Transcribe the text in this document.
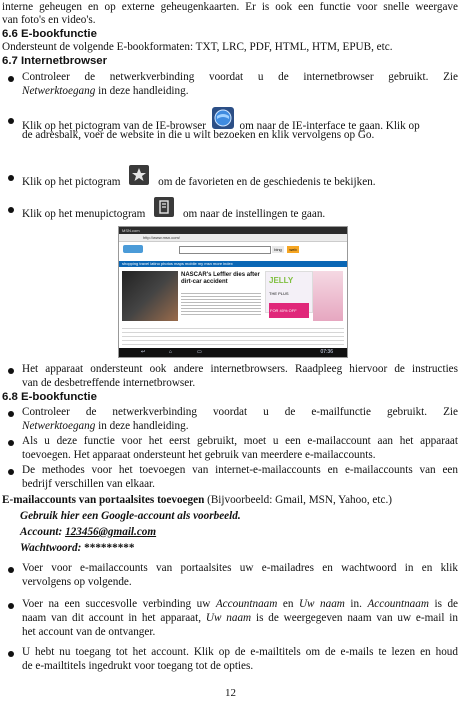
interne geheugen en op externe geheugenkaarten. Er is ook een functie voor snelle weergave
van foto's en video's.
6.6 E-bookfunctie
Ondersteunt de volgende E-bookformaten: TXT, LRC, PDF, HTML, HTM, EPUB, etc.
6.7 Internetbrowser
Controleer de netwerkverbinding voordat u de internetbrowser gebruikt. Zie
Netwerktoegang in deze handleiding.
Klik op het pictogram van de IE-browser	om naar de IE-interface te gaan. Klik op
de adresbalk, voer de website in die u wilt bezoeken en klik vervolgens op Go.
Klik op het pictogram	om de favorieten en de geschiedenis te bekijken.
Klik op het menupictogram	om naar de instellingen te gaan.
MSN.com
http://www.msn.com/
bing	web
shopping travel latino photos maps mobile my msn more index
NASCAR's Leffler dies after dirt-car accident	JELLY
THE PLUS
FOR 40% OFF
↩	⌂	▭	07:36
Het apparaat ondersteunt ook andere internetbrowsers. Raadpleeg hiervoor de instructies
van de desbetreffende internetbrowser.
6.8 E-bookfunctie
Controleer de netwerkverbinding voordat u de e-mailfunctie gebruikt. Zie
Netwerktoegang in deze handleiding.
Als u deze functie voor het eerst gebruikt, moet u een e-mailaccount aan het apparaat
toevoegen. Het apparaat ondersteunt het gebruik van meerdere e-mailaccounts.
De methodes voor het toevoegen van internet-e-mailaccounts en e-mailaccounts van een
bedrijf verschillen van elkaar.
E-mailaccounts van portaalsites toevoegen (Bijvoorbeeld: Gmail, MSN, Yahoo, etc.)
Gebruik hier een Google-account als voorbeeld.
Account: 123456@gmail.com
Wachtwoord: *********
Voer voor e-mailaccounts van portaalsites uw e-mailadres en wachtwoord in en klik
vervolgens op volgende.
Voer na een succesvolle verbinding uw Accountnaam en Uw naam in. Accountnaam is de
naam van dit account in het apparaat, Uw naam is de weergegeven naam van uw e-mail in
het account van de ontvanger.
U hebt nu toegang tot het account. Klik op de e-mailtitels om de e-mails te lezen en houd
de e-mailtitels ingedrukt voor toegang tot de opties.
12
